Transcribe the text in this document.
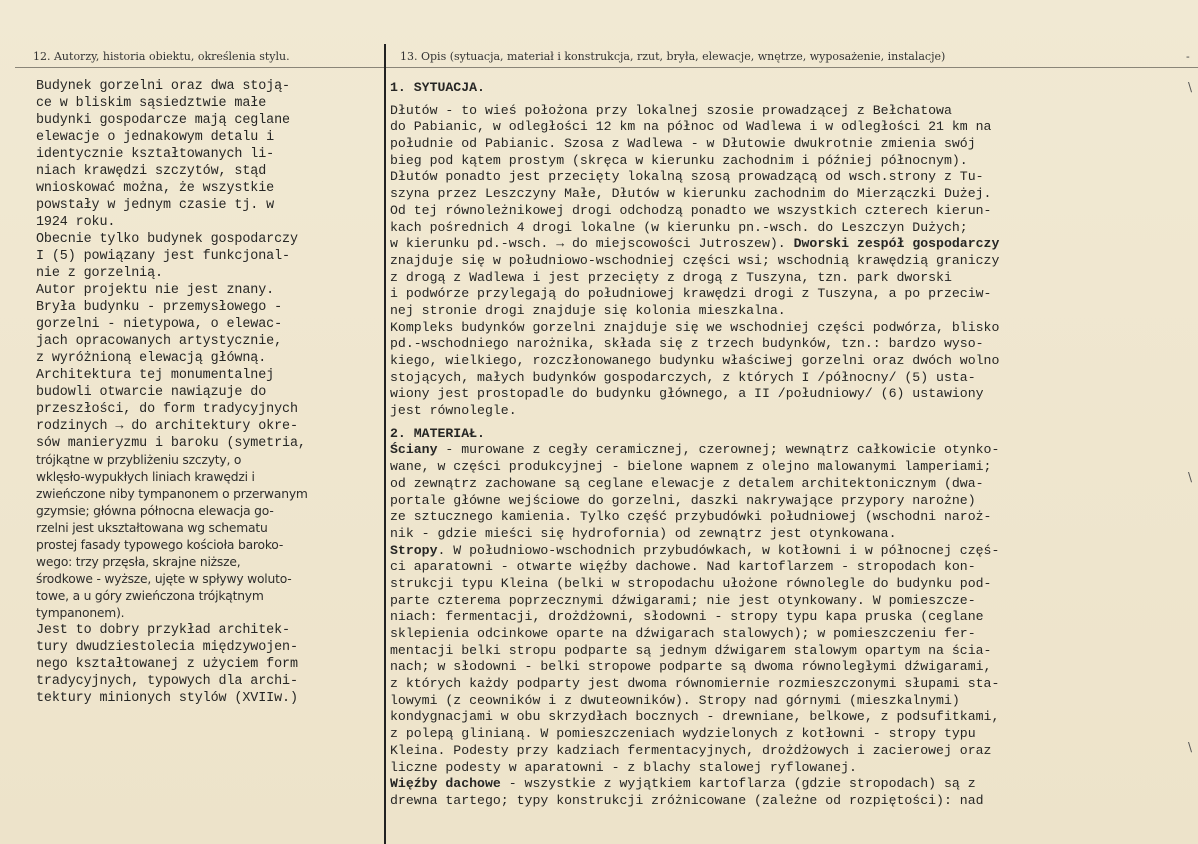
12. Autorzy, historia obiektu, określenia stylu.	13. Opis (sytuacja, materiał i konstrukcja, rzut, bryła, elewacje, wnętrze, wyposażenie, instalacje)	-
Budynek gorzelni oraz dwa stoją-
ce w bliskim sąsiedztwie małe
budynki gospodarcze mają ceglane
elewacje o jednakowym detalu i
identycznie kształtowanych li-
niach krawędzi szczytów, stąd
wnioskować można, że wszystkie
powstały w jednym czasie tj. w
1924 roku.
Obecnie tylko budynek gospodarczy
I (5) powiązany jest funkcjonal-
nie z gorzelnią.
Autor projektu nie jest znany.
Bryła budynku - przemysłowego -
gorzelni - nietypowa, o elewac-
jach opracowanych artystycznie,
z wyróżnioną elewacją główną.
Architektura tej monumentalnej
budowli otwarcie nawiązuje do
przeszłości, do form tradycyjnych
rodzinych → do architektury okre-
sów manieryzmu i baroku (symetria,
trójkątne w przybliżeniu szczyty, o
wklęsło-wypukłych liniach krawędzi i
zwieńczone niby tympanonem o przerwanym
gzymsie; główna północna elewacja go-
rzelni jest ukształtowana wg schematu
prostej fasady typowego kościoła baroko-
wego: trzy przęsła, skrajne niższe,
środkowe - wyższe, ujęte w spływy woluto-
towe, a u góry zwieńczona trójkątnym
tympanonem).
Jest to dobry przykład architek-
tury dwudziestolecia międzywojen-
nego kształtowanej z użyciem form
tradycyjnych, typowych dla archi-
tektury minionych stylów (XVIIw.)
1. SYTUACJA.
Dłutów - to wieś położona przy lokalnej szosie prowadzącej z Bełchatowa
do Pabianic, w odległości 12 km na północ od Wadlewa i w odległości 21 km na
południe od Pabianic. Szosa z Wadlewa - w Dłutowie dwukrotnie zmienia swój
bieg pod kątem prostym (skręca w kierunku zachodnim i później północnym).
Dłutów ponadto jest przecięty lokalną szosą prowadzącą od wsch.strony z Tu-
szyna przez Leszczyny Małe, Dłutów w kierunku zachodnim do Mierzączki Dużej.
Od tej równoleżnikowej drogi odchodzą ponadto we wszystkich czterech kierun-
kach pośrednich 4 drogi lokalne (w kierunku pn.-wsch. do Leszczyn Dużych;
w kierunku pd.-wsch. → do miejscowości Jutroszew). Dworski zespół gospodarczy
znajduje się w południowo-wschodniej części wsi; wschodnią krawędzią graniczy
z drogą z Wadlewa i jest przecięty z drogą z Tuszyna, tzn. park dworski
i podwórze przylegają do południowej krawędzi drogi z Tuszyna, a po przeciw-
nej stronie drogi znajduje się kolonia mieszkalna.
Kompleks budynków gorzelni znajduje się we wschodniej części podwórza, blisko
pd.-wschodniego narożnika, składa się z trzech budynków, tzn.: bardzo wyso-
kiego, wielkiego, rozczłonowanego budynku właściwej gorzelni oraz dwóch wolno
stojących, małych budynków gospodarczych, z których I /północny/ (5) usta-
wiony jest prostopadle do budynku głównego, a II /południowy/ (6) ustawiony
jest równolegle.
2. MATERIAŁ.
Ściany - murowane z cegły ceramicznej, czerownej; wewnątrz całkowicie otynko-
wane, w części produkcyjnej - bielone wapnem z olejno malowanymi lamperiami;
od zewnątrz zachowane są ceglane elewacje z detalem architektonicznym (dwa-
portale główne wejściowe do gorzelni, daszki nakrywające przypory narożne)
ze sztucznego kamienia. Tylko część przybudówki południowej (wschodni naroż-
nik - gdzie mieści się hydrofornia) od zewnątrz jest otynkowana.
Stropy. W południowo-wschodnich przybudówkach, w kotłowni i w północnej częś-
ci aparatowni - otwarte więźby dachowe. Nad kartoflarzem - stropodach kon-
strukcji typu Kleina (belki w stropodachu ułożone równolegle do budynku pod-
parte czterema poprzecznymi dźwigarami; nie jest otynkowany. W pomieszcze-
niach: fermentacji, drożdżowni, słodowni - stropy typu kapa pruska (ceglane
sklepienia odcinkowe oparte na dźwigarach stalowych); w pomieszczeniu fer-
mentacji belki stropu podparte są jednym dźwigarem stalowym opartym na ścia-
nach; w słodowni - belki stropowe podparte są dwoma równoległymi dźwigarami,
z których każdy podparty jest dwoma równomiernie rozmieszczonymi słupami sta-
lowymi (z ceowników i z dwuteowników). Stropy nad górnymi (mieszkalnymi)
kondygnacjami w obu skrzydłach bocznych - drewniane, belkowe, z podsufitkami,
z polepą glinianą. W pomieszczeniach wydzielonych z kotłowni - stropy typu
Kleina. Podesty przy kadziach fermentacyjnych, drożdżowych i zacierowej oraz
liczne podesty w aparatowni - z blachy stalowej ryflowanej.
Więźby dachowe - wszystkie z wyjątkiem kartoflarza (gdzie stropodach) są z
drewna tartego; typy konstrukcji zróżnicowane (zależne od rozpiętości): nad
\
\
\
